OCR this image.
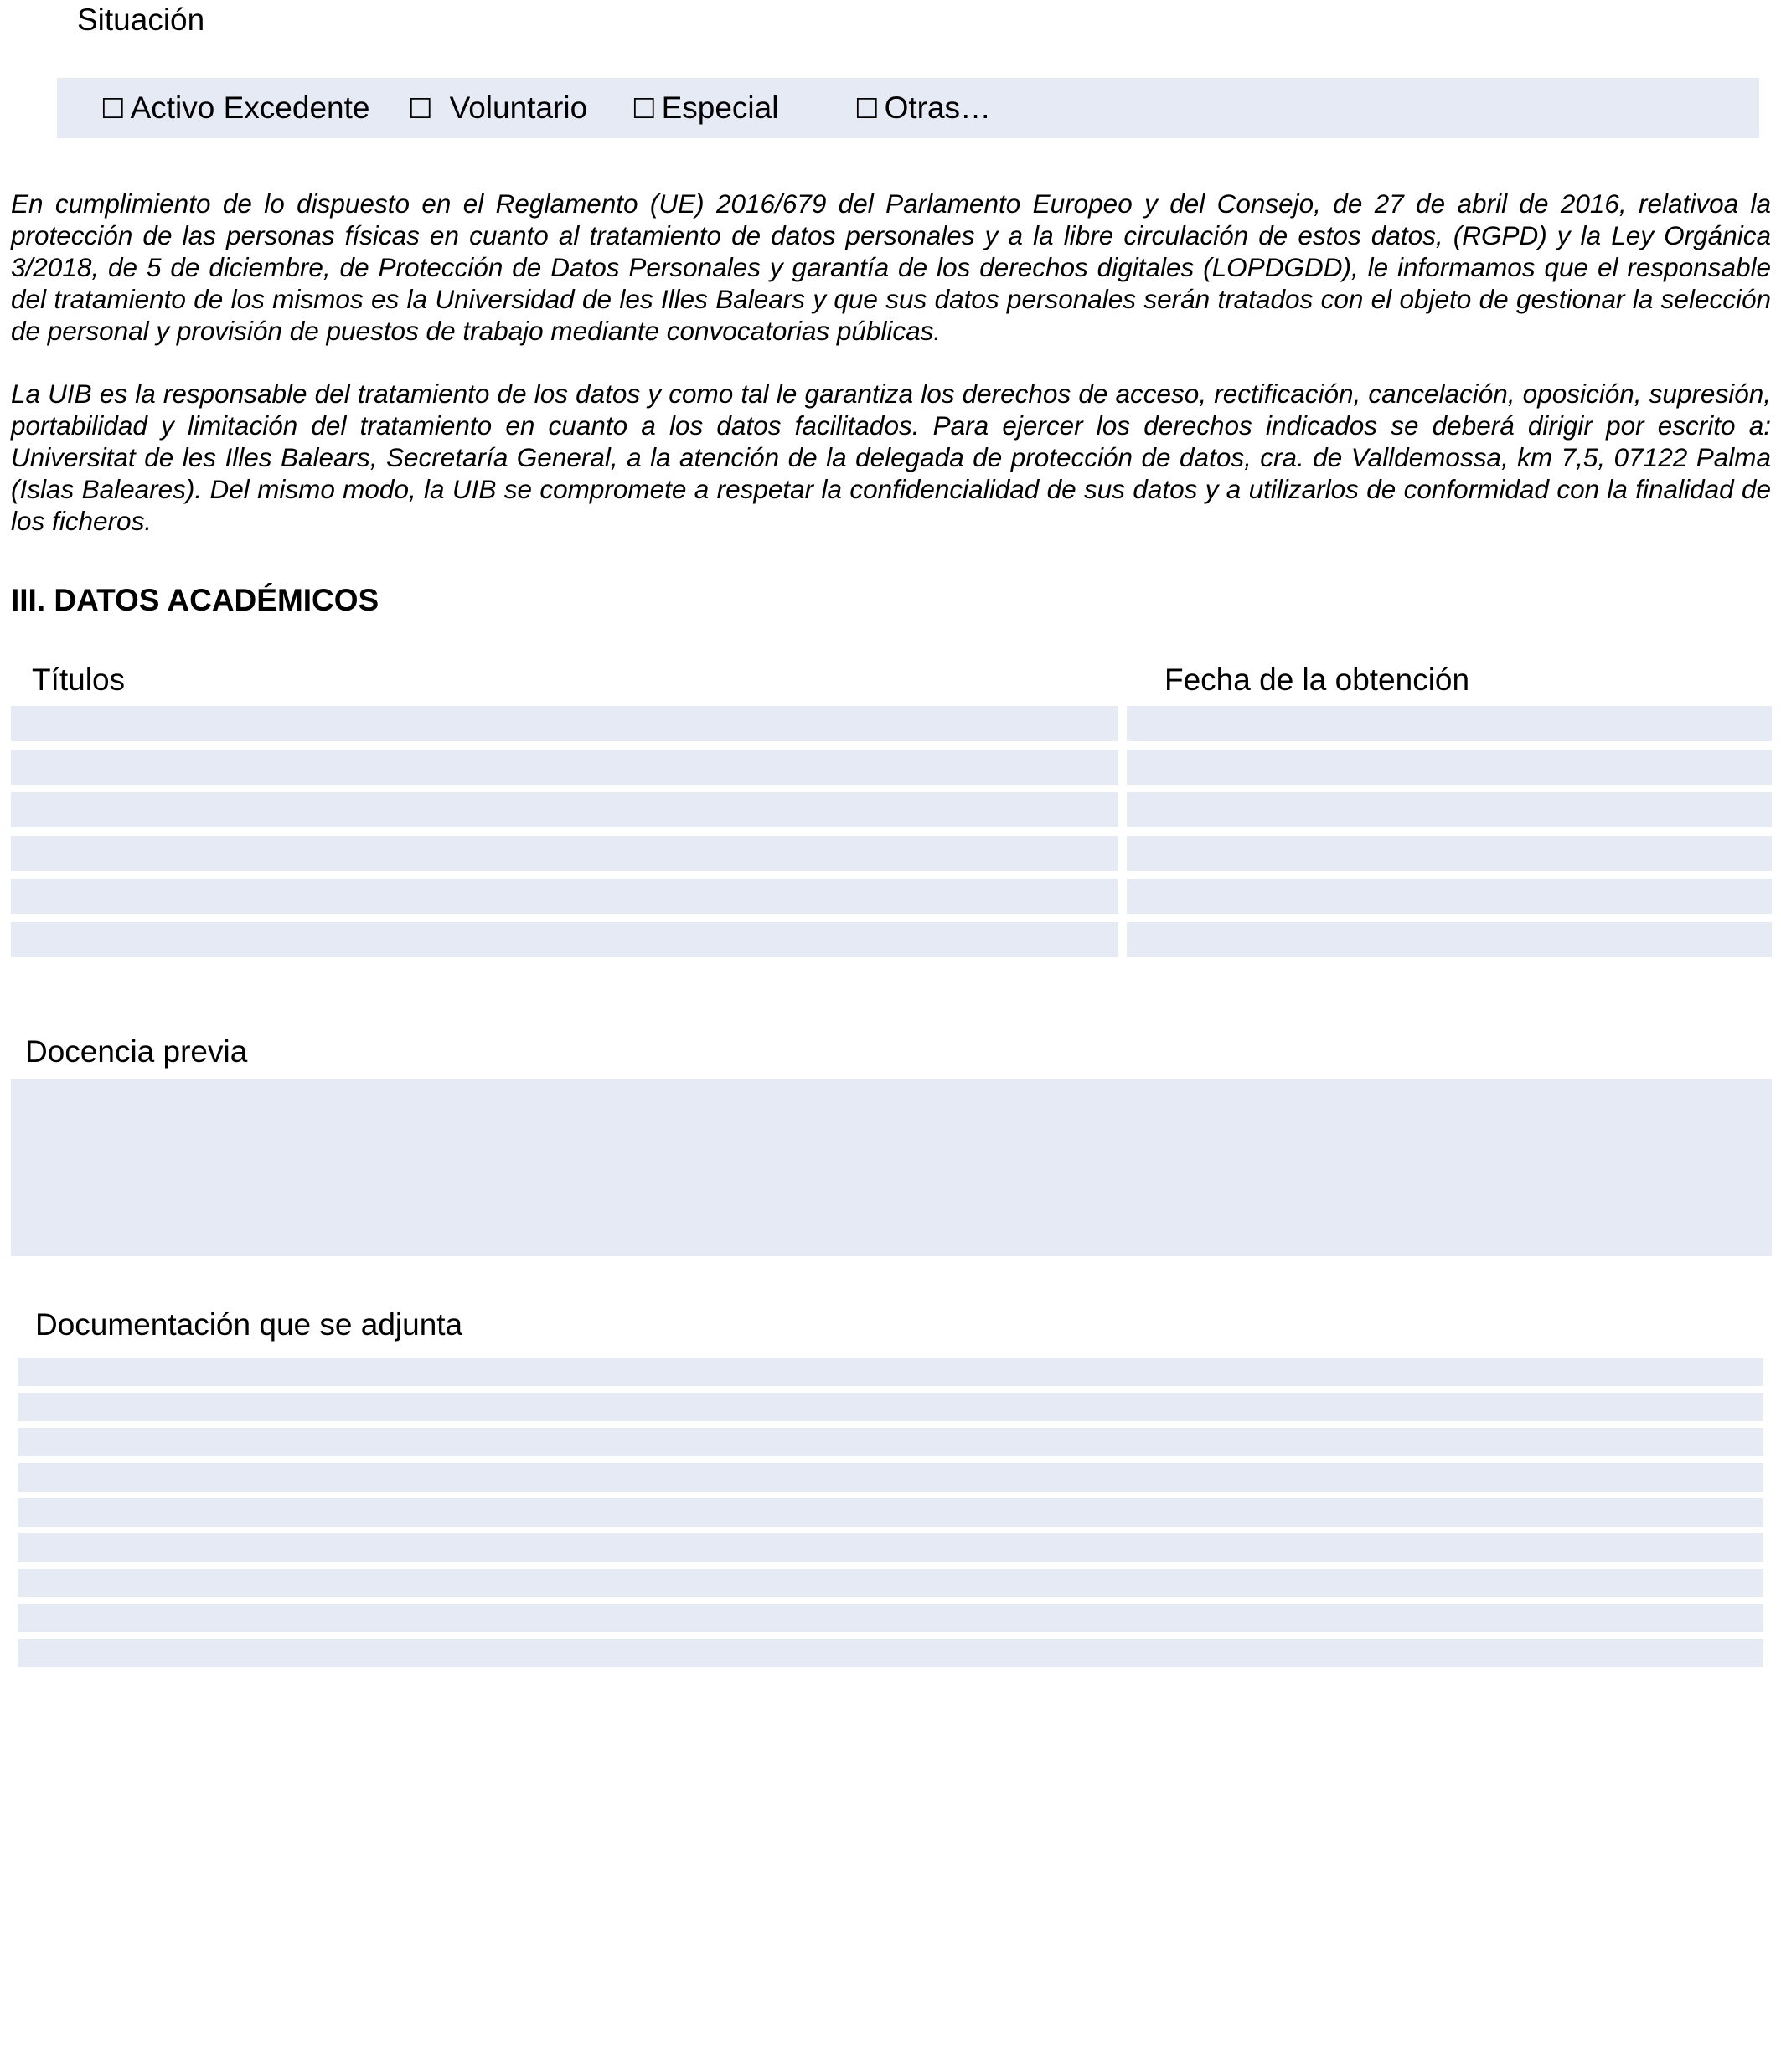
Situación
☐ Activo Excedente ☐ Voluntario ☐ Especial	☐ Otras…
En cumplimiento de lo dispuesto en el Reglamento (UE) 2016/679 del Parlamento Europeo y del Consejo, de 27 de abril de 2016, relativoa la protección de las personas físicas en cuanto al tratamiento de datos personales y a la libre circulación de estos datos, (RGPD) y la Ley Orgánica 3/2018, de 5 de diciembre, de Protección de Datos Personales y garantía de los derechos digitales (LOPDGDD), le informamos que el responsable del tratamiento de los mismos es la Universidad de les Illes Balears y que sus datos personales serán tratados con el objeto de gestionar la selección de personal y provisión de puestos de trabajo mediante convocatorias públicas.
La UIB es la responsable del tratamiento de los datos y como tal le garantiza los derechos de acceso, rectificación, cancelación, oposición, supresión, portabilidad y limitación del tratamiento en cuanto a los datos facilitados. Para ejercer los derechos indicados se deberá dirigir por escrito a: Universitat de les Illes Balears, Secretaría General, a la atención de la delegada de protección de datos, cra. de Valldemossa, km 7,5, 07122 Palma (Islas Baleares). Del mismo modo, la UIB se compromete a respetar la confidencialidad de sus datos y a utilizarlos de conformidad con la finalidad de los ficheros.
III. DATOS ACADÉMICOS
Títulos	Fecha de la obtención
Docencia previa
Documentación que se adjunta
